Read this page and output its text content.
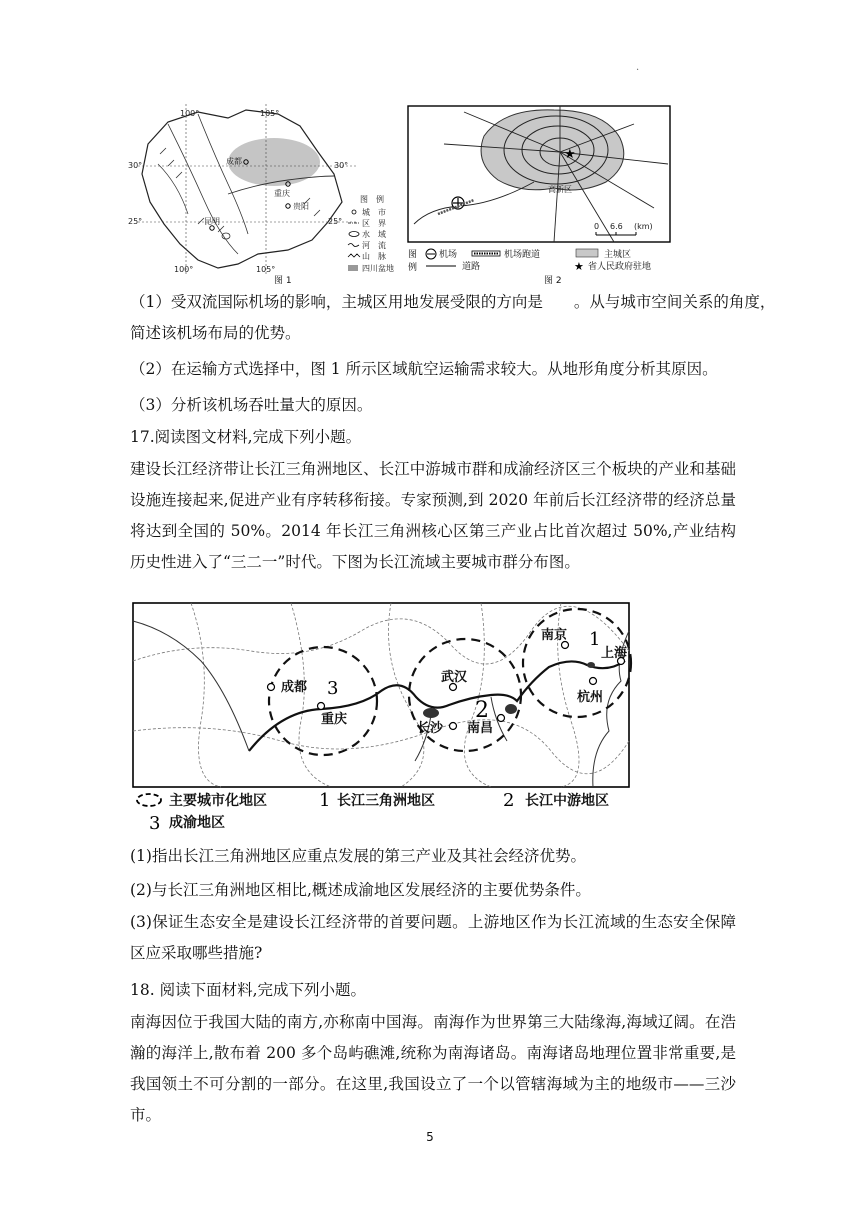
.
成都
重庆
贵阳
昆明
100°	105°
100°	105°
30°	30°
25°	25°
图　例
城　市
区　界
水　域
河　流
山　脉
四川盆地
图 1
高新区
★
0 6.6 (km)
图
例
机场	机场跑道	主城区
道路	★ 省人民政府驻地
图 2
（1）受双流国际机场的影响，主城区用地发展受限的方向是　　。从与城市空间关系的角度，
简述该机场布局的优势。
（2）在运输方式选择中，图 1 所示区域航空运输需求较大。从地形角度分析其原因。
（3）分析该机场吞吐量大的原因。
17.阅读图文材料,完成下列小题。
建设长江经济带让长江三角洲地区、长江中游城市群和成渝经济区三个板块的产业和基础设施连接起来,促进产业有序转移衔接。专家预测,到 2020 年前后长江经济带的经济总量将达到全国的 50%。2014 年长江三角洲核心区第三产业占比首次超过 50%,产业结构历史性进入了“三二一”时代。下图为长江流域主要城市群分布图。
成都
重庆
武汉
长沙 南昌
南京
上海
杭州
1
2
3
主要城市化地区	1 长江三角洲地区	2 长江中游地区
3 成渝地区
(1)指出长江三角洲地区应重点发展的第三产业及其社会经济优势。
(2)与长江三角洲地区相比,概述成渝地区发展经济的主要优势条件。
(3)保证生态安全是建设长江经济带的首要问题。上游地区作为长江流域的生态安全保障区应采取哪些措施?
18. 阅读下面材料,完成下列小题。
南海因位于我国大陆的南方,亦称南中国海。南海作为世界第三大陆缘海,海域辽阔。在浩瀚的海洋上,散布着 200 多个岛屿礁滩,统称为南海诸岛。南海诸岛地理位置非常重要,是我国领土不可分割的一部分。在这里,我国设立了一个以管辖海域为主的地级市——三沙市。
5
